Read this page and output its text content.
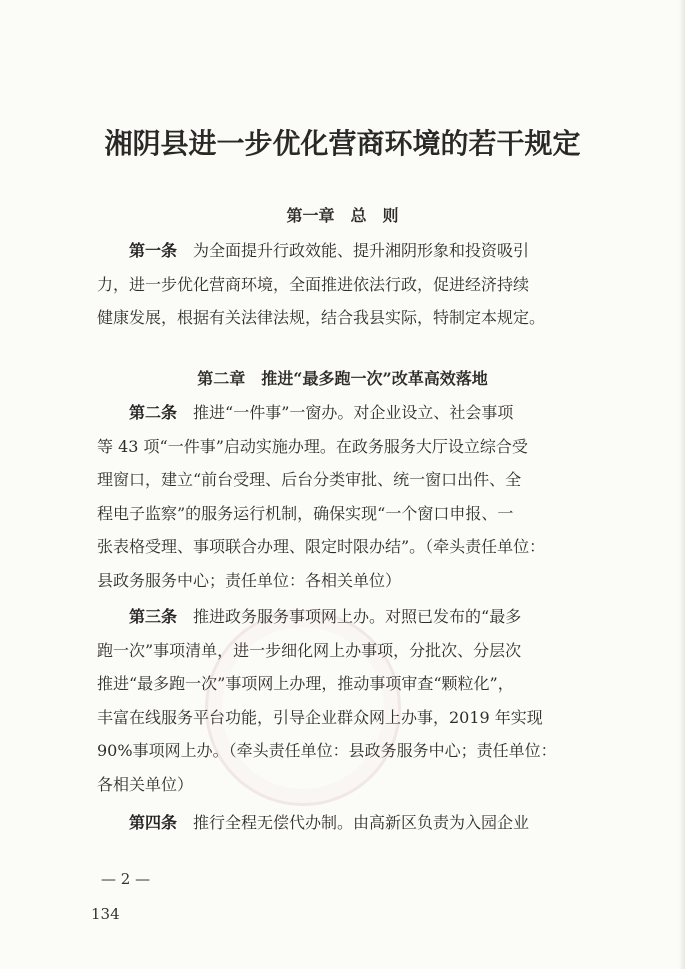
湘阴县进一步优化营商环境的若干规定
第一章　总　则
第一条　 为全面提升行政效能、提升湘阴形象和投资吸引
力，进一步优化营商环境，全面推进依法行政，促进经济持续
健康发展，根据有关法律法规，结合我县实际，特制定本规定。
第二章　推进“最多跑一次”改革高效落地
第二条　 推进“一件事”一窗办。对企业设立、社会事项
等 43 项“一件事”启动实施办理。在政务服务大厅设立综合受
理窗口，建立“前台受理、后台分类审批、统一窗口出件、全
程电子监察”的服务运行机制，确保实现“一个窗口申报、一
张表格受理、事项联合办理、限定时限办结”。（牵头责任单位：
县政务服务中心；责任单位：各相关单位）
第三条　 推进政务服务事项网上办。对照已发布的“最多
跑一次”事项清单，进一步细化网上办事项，分批次、分层次
推进“最多跑一次”事项网上办理，推动事项审查“颗粒化”，
丰富在线服务平台功能，引导企业群众网上办事，2019 年实现
90%事项网上办。（牵头责任单位：县政务服务中心；责任单位：
各相关单位）
第四条　 推行全程无偿代办制。由高新区负责为入园企业
— 2 —
134
